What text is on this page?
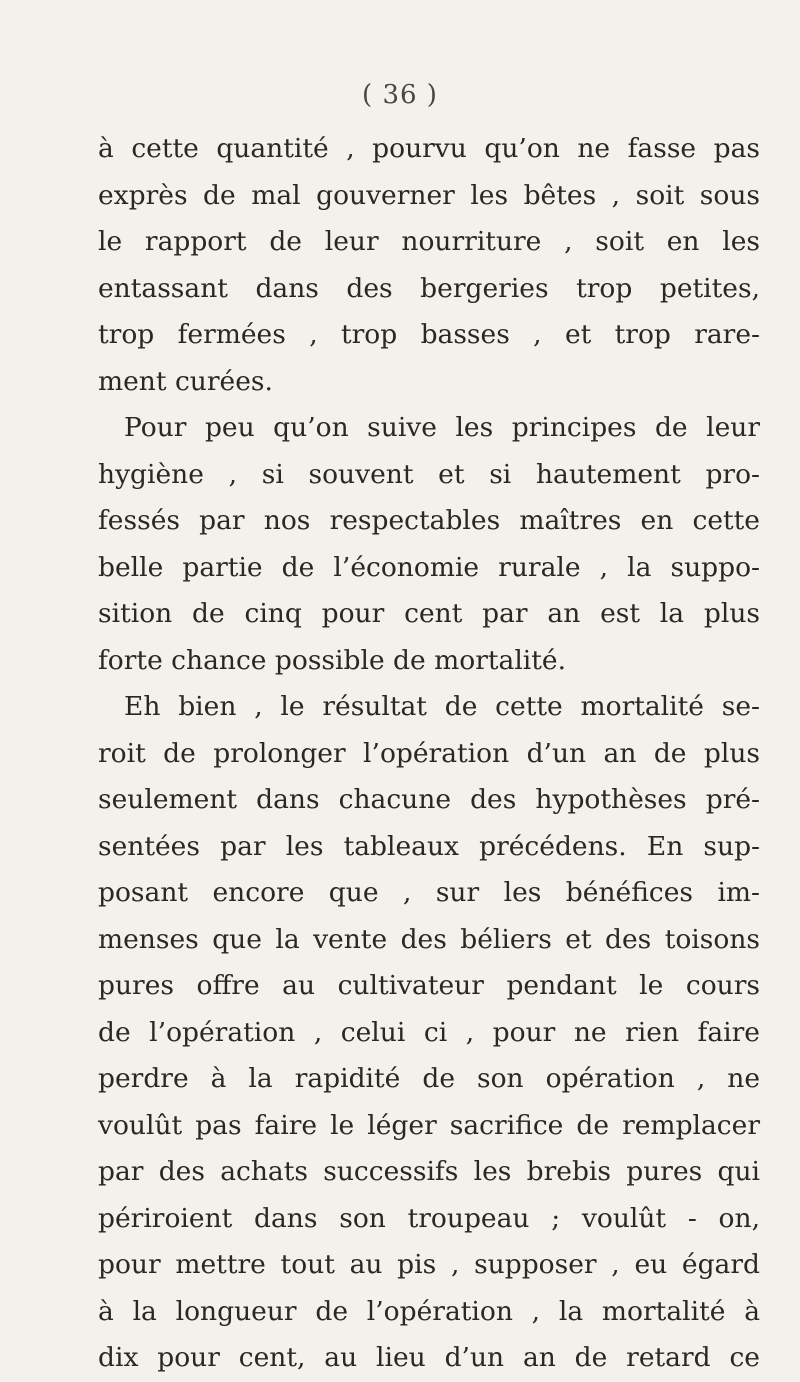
( 36 )
à cette quantité , pourvu qu’on ne fasse pas
exprès de mal gouverner les bêtes , soit sous
le rapport de leur nourriture , soit en les
entassant dans des bergeries trop petites,
trop fermées , trop basses , et trop rare-
ment curées.
Pour peu qu’on suive les principes de leur
hygiène , si souvent et si hautement pro-
fessés par nos respectables maîtres en cette
belle partie de l’économie rurale , la suppo-
sition de cinq pour cent par an est la plus
forte chance possible de mortalité.
Eh bien , le résultat de cette mortalité se-
roit de prolonger l’opération d’un an de plus
seulement dans chacune des hypothèses pré-
sentées par les tableaux précédens. En sup-
posant encore que , sur les bénéfices im-
menses que la vente des béliers et des toisons
pures offre au cultivateur pendant le cours
de l’opération , celui ci , pour ne rien faire
perdre à la rapidité de son opération , ne
voulût pas faire le léger sacrifice de remplacer
par des achats successifs les brebis pures qui
périroient dans son troupeau ; voulût - on,
pour mettre tout au pis , supposer , eu égard
à la longueur de l’opération , la mortalité à
dix pour cent, au lieu d’un an de retard ce
